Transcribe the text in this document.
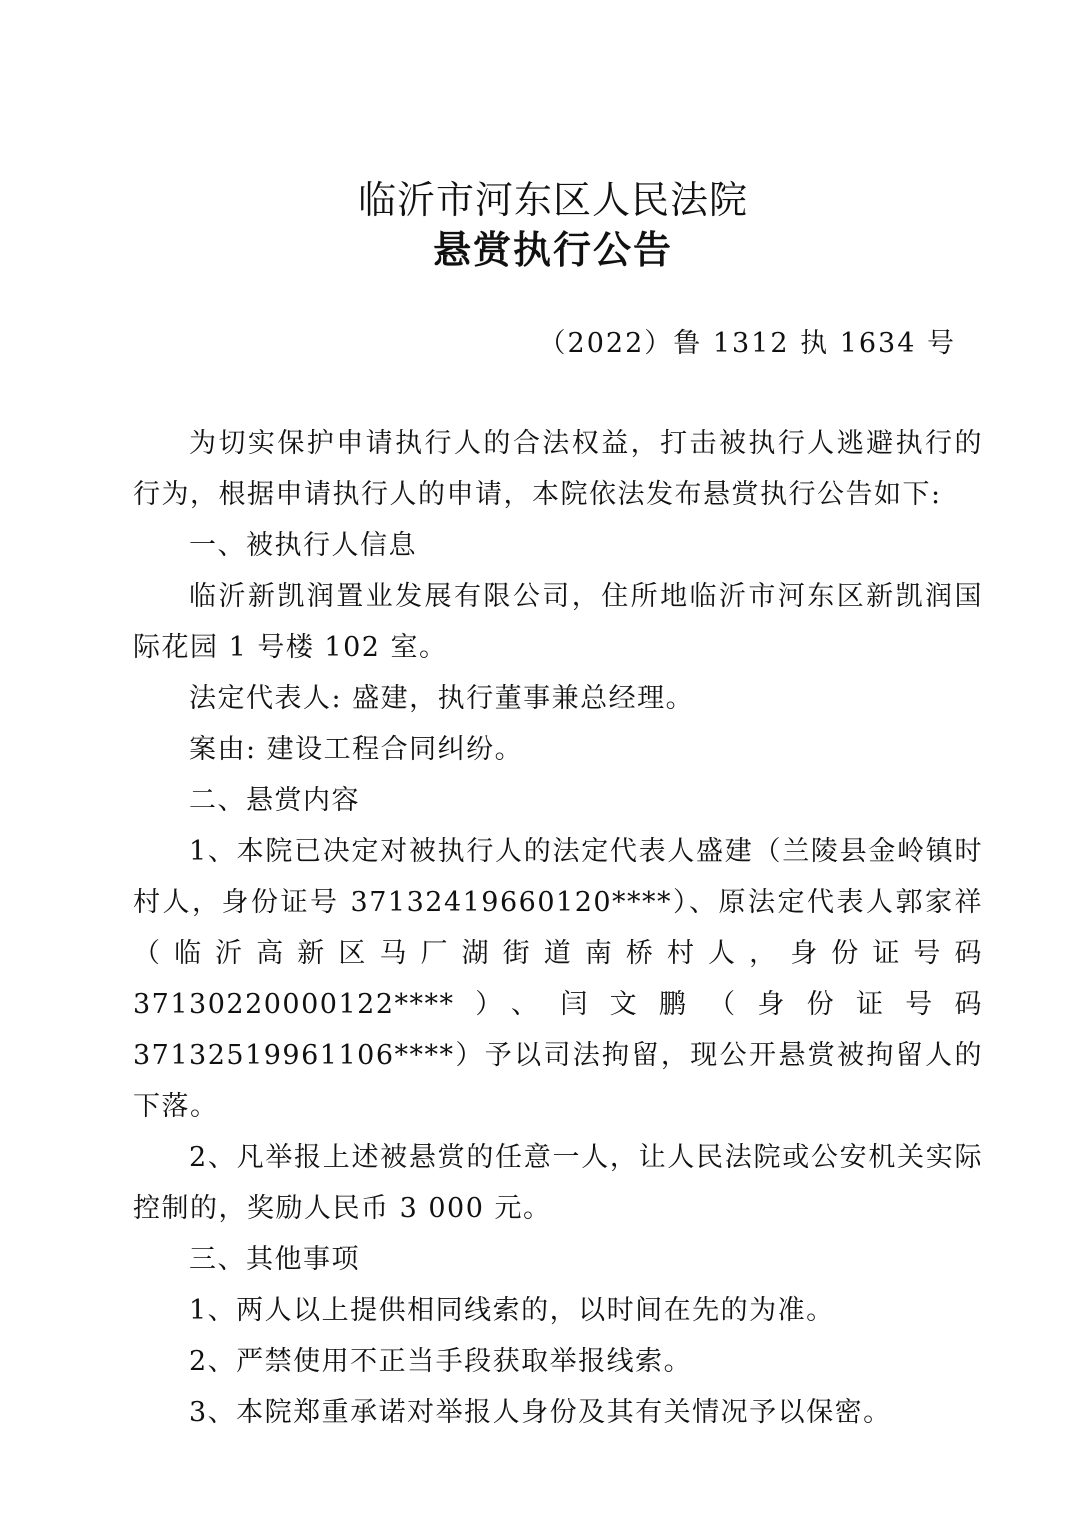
临沂市河东区人民法院
悬赏执行公告
（2022）鲁 1312 执 1634 号

为切实保护申请执行人的合法权益，打击被执行人逃避执行的行为，根据申请执行人的申请，本院依法发布悬赏执行公告如下:

一、被执行人信息

临沂新凯润置业发展有限公司，住所地临沂市河东区新凯润国际花园 1 号楼 102 室。

法定代表人: 盛建，执行董事兼总经理。

案由: 建设工程合同纠纷。

二、悬赏内容

1、本院已决定对被执行人的法定代表人盛建（兰陵县金岭镇时村人，身份证号 37132419660120****）、原法定代表人郭家祥（临沂高新区马厂湖街道南桥村人，身份证号码 37130220000122****）、闫文鹏（身份证号码 37132519961106****）予以司法拘留，现公开悬赏被拘留人的下落。

2、凡举报上述被悬赏的任意一人，让人民法院或公安机关实际控制的，奖励人民币 3 000 元。

三、其他事项

1、两人以上提供相同线索的，以时间在先的为准。

2、严禁使用不正当手段获取举报线索。

3、本院郑重承诺对举报人身份及其有关情况予以保密。
